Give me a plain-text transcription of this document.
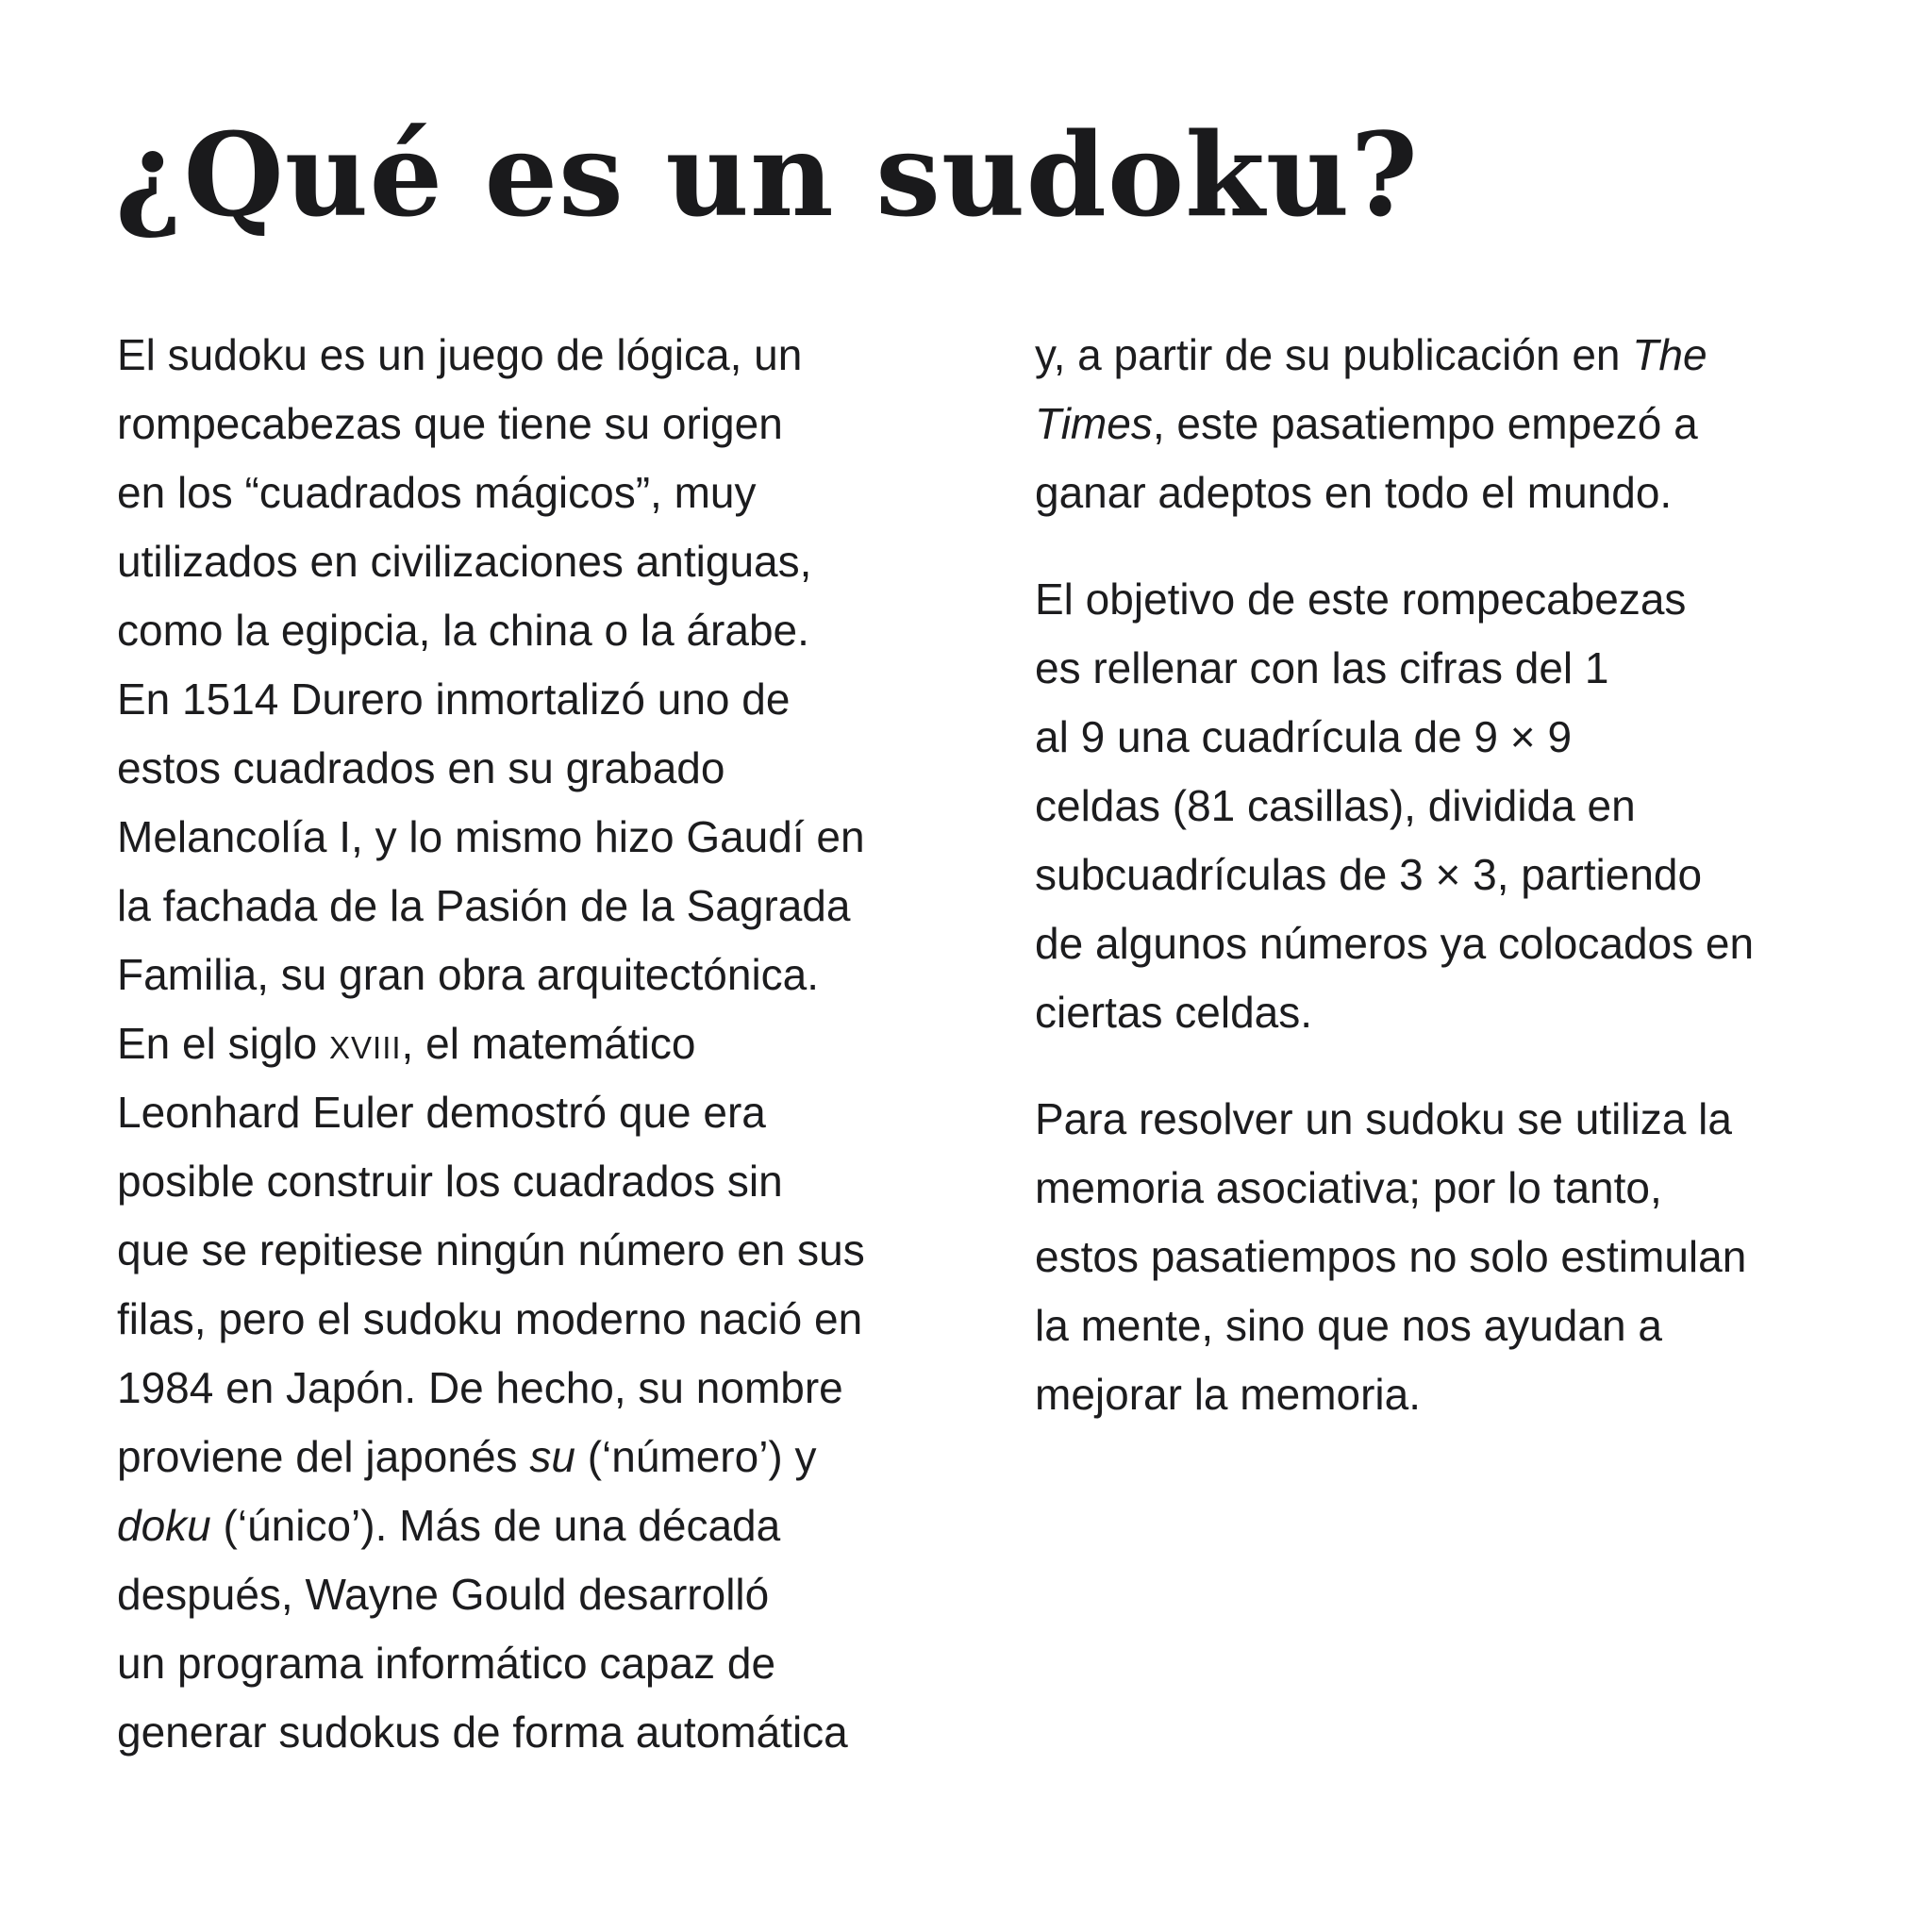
¿Qué es un sudoku?
El sudoku es un juego de lógica, un
rompecabezas que tiene su origen
en los “cuadrados mágicos”, muy
utilizados en civilizaciones antiguas,
como la egipcia, la china o la árabe.
En 1514 Durero inmortalizó uno de
estos cuadrados en su grabado
Melancolía I, y lo mismo hizo Gaudí en
la fachada de la Pasión de la Sagrada
Familia, su gran obra arquitectónica.
En el siglo XVIII, el matemático
Leonhard Euler demostró que era
posible construir los cuadrados sin
que se repitiese ningún número en sus
filas, pero el sudoku moderno nació en
1984 en Japón. De hecho, su nombre
proviene del japonés su (‘número’) y
doku (‘único’). Más de una década
después, Wayne Gould desarrolló
un programa informático capaz de
generar sudokus de forma automática
y, a partir de su publicación en The
Times, este pasatiempo empezó a
ganar adeptos en todo el mundo.
El objetivo de este rompecabezas
es rellenar con las cifras del 1
al 9 una cuadrícula de 9 × 9
celdas (81 casillas), dividida en
subcuadrículas de 3 × 3, partiendo
de algunos números ya colocados en
ciertas celdas.
Para resolver un sudoku se utiliza la
memoria asociativa; por lo tanto,
estos pasatiempos no solo estimulan
la mente, sino que nos ayudan a
mejorar la memoria.
